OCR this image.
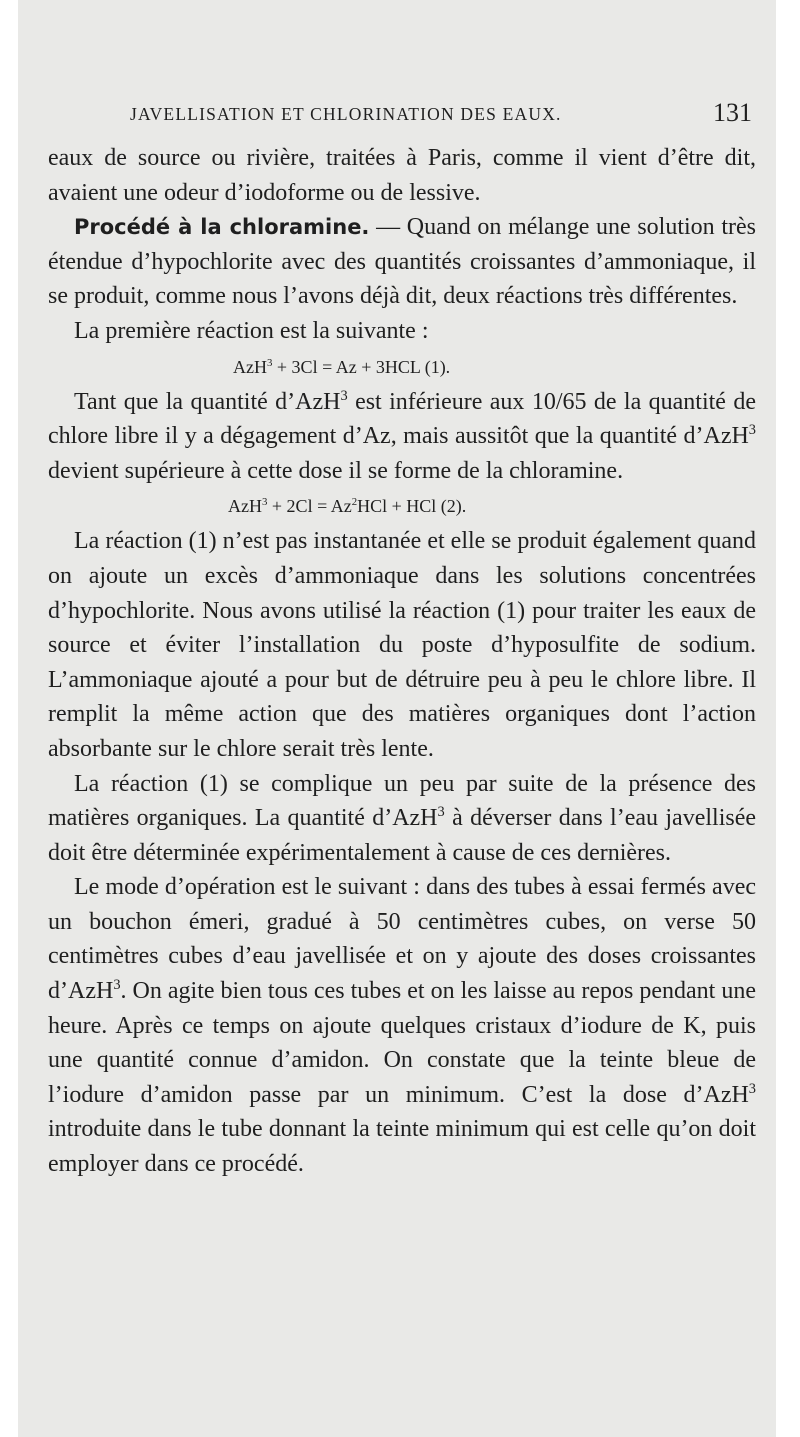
JAVELLISATION ET CHLORINATION DES EAUX.	131

eaux de source ou rivière, traitées à Paris, comme il vient d’être dit, avaient une odeur d’iodoforme ou de lessive.

Procédé à la chloramine. — Quand on mélange une solution très étendue d’hypochlorite avec des quantités croissantes d’ammoniaque, il se produit, comme nous l’avons déjà dit, deux réactions très différentes.

La première réaction est la suivante :

AzH$^3$ + 3Cl = Az + 3HCL (1).

Tant que la quantité d’AzH$^3$ est inférieure aux 10/65 de la quantité de chlore libre il y a dégagement d’Az, mais aussitôt que la quantité d’AzH$^3$ devient supérieure à cette dose il se forme de la chloramine.

$AzH^3 + 2Cl = Az^2HCl$ + HCl (2).

La réaction (1) n’est pas instantanée et elle se produit également quand on ajoute un excès d’ammoniaque dans les solutions concentrées d’hypochlorite. Nous avons utilisé la réaction (1) pour traiter les eaux de source et éviter l’installation du poste d’hyposulfite de sodium. L’ammoniaque ajouté a pour but de détruire peu à peu le chlore libre. Il remplit la même action que des matières organiques dont l’action absorbante sur le chlore serait très lente.

La réaction (1) se complique un peu par suite de la présence des matières organiques. La quantité d’AzH$^3$ à déverser dans l’eau javellisée doit être déterminée expérimentalement à cause de ces dernières.

Le mode d’opération est le suivant : dans des tubes à essai fermés avec un bouchon émeri, gradué à 50 centimètres cubes, on verse 50 centimètres cubes d’eau javellisée et on y ajoute des doses croissantes d’AzH$^3$. On agite bien tous ces tubes et on les laisse au repos pendant une heure. Après ce temps on ajoute quelques cristaux d’iodure de K, puis une quantité connue d’amidon. On constate que la teinte bleue de l’iodure d’amidon passe par un minimum. C’est la dose d’AzH$^3$ introduite dans le tube donnant la teinte minimum qui est celle qu’on doit employer dans ce procédé.
